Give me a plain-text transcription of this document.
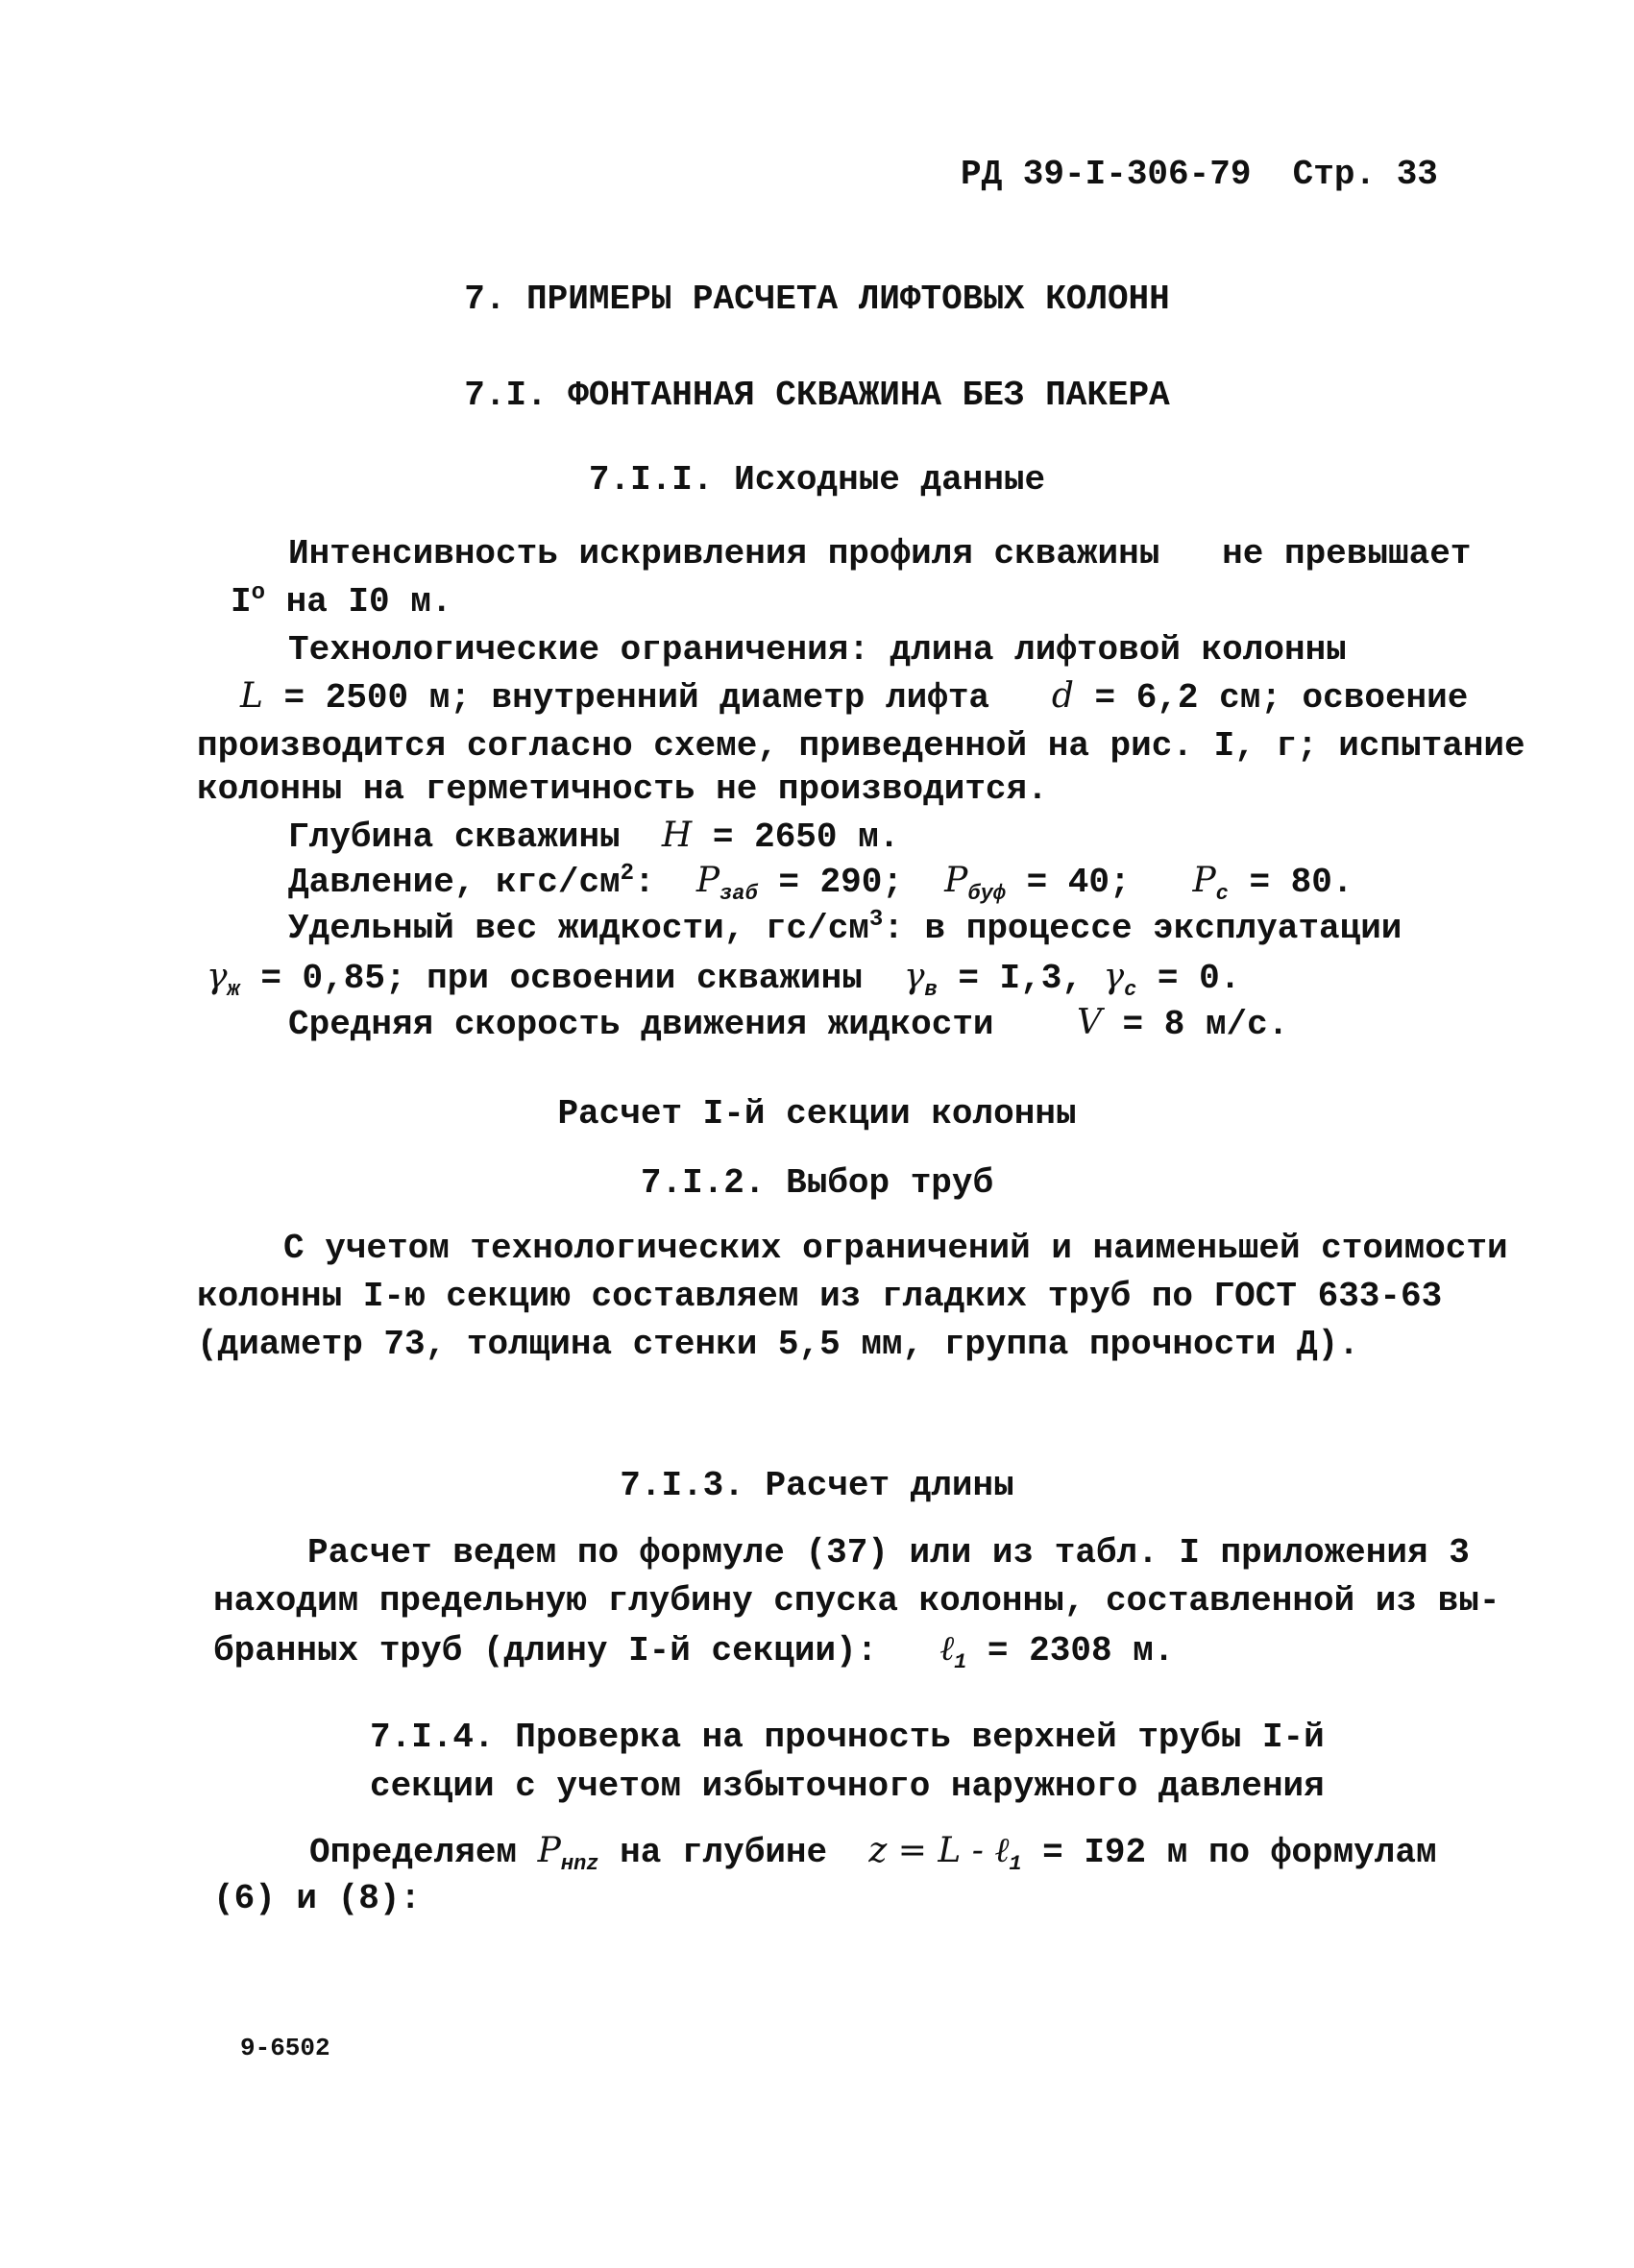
РД 39-I-306-79 Стр. 33
7. ПРИМЕРЫ РАСЧЕТА ЛИФТОВЫХ КОЛОНН
7.I. ФОНТАННАЯ СКВАЖИНА БЕЗ ПАКЕРА
7.I.I. Исходные данные
Интенсивность искривления профиля скважины   не превышает
$I^o$ на I0 м.
Технологические ограничения: длина лифтовой колонны
L = 2500 м; внутренний диаметр лифта   d = 6,2 см; освоение
производится согласно схеме, приведенной на рис. I, г; испытание
колонны на герметичность не производится.
Глубина скважины  H = 2650 м.
Давление, кгс/$см^2$:  $P_{заб} = 290$;  $P_{буф} = 40$;   $P_с = 80$.
Удельный вес жидкости, $гс/см^3$: в процессе эксплуатации
$\gamma_ж = 0,85$; при освоении скважины  $\gamma_в = I,3$, $\gamma_с = 0$.
Средняя скорость движения жидкости    V = 8 м/с.
Расчет I-й секции колонны
7.I.2. Выбор труб
С учетом технологических ограничений и наименьшей стоимости
колонны I-ю секцию составляем из гладких труб по ГОСТ 633-63
(диаметр 73, толщина стенки 5,5 мм, группа прочности Д).
7.I.3. Расчет длины
Расчет ведем по формуле (37) или из табл. I приложения 3
находим предельную глубину спуска колонны, составленной из вы-
бранных труб (длину I-й секции):   ℓ$_1$ = 2308 м.
7.I.4. Проверка на прочность верхней трубы I-й
секции с учетом избыточного наружного давления
Определяем $P_{нnz}$ на глубине  z = L - ℓ$_1$ = I92 м по формулам
(6) и (8):
9-6502
